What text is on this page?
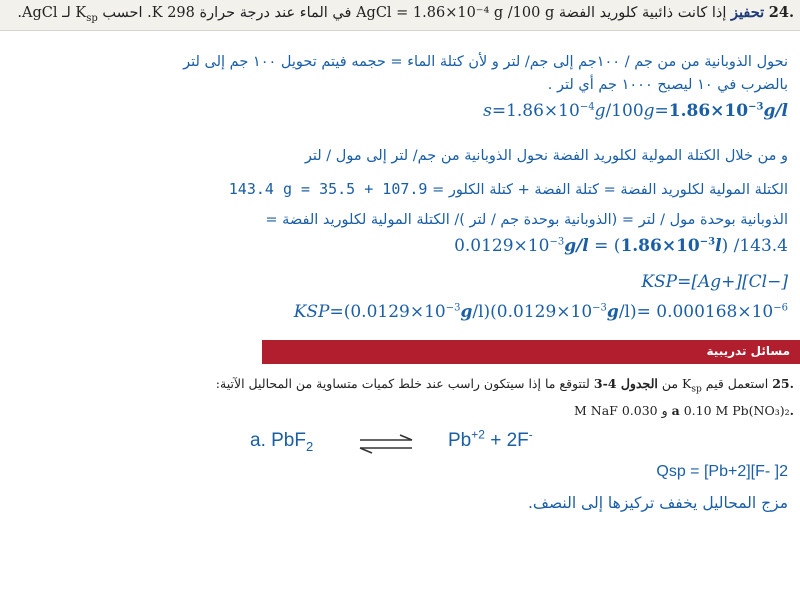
.24 تحفيز إذا كانت ذائبية كلوريد الفضة AgCl = 1.86×10⁻⁴ g /100 g في الماء عند درجة حرارة 298 K. احسب $K_{sp}$ لـ AgCl.
نحول الذوبانية من من جم / ١٠٠جم إلى جم/ لتر و لأن كتلة الماء = حجمه فيتم تحويل ١٠٠ جم إلى لتر
بالضرب في ١٠ ليصبح ١٠٠٠ جم أي لتر .
$s=1.86\times 10^{-4}g/100g=1.86\times 10^{-3}g/l$
و من خلال الكتلة المولية لكلوريد الفضة نحول الذوبانية من جم/ لتر إلى مول / لتر
الكتلة المولية لكلوريد الفضة = كتلة الفضة + كتلة الكلور = 143.4 g = 35.5 + 107.9
الذوبانية بوحدة مول / لتر = (الذوبانية بوحدة جم / لتر )/ الكتلة المولية لكلوريد الفضة =
$0.0129\times 10^{-3}g/l = (1.86\times 10^{-3}l)$ /143.4
KSP=[Ag+][Cl−]
$KSP=(0.0129\times 10^{-3}g/l)(0.0129\times 10^{-3}g/l)= 0.000168\times 10^{-6}$
مسائل تدريبية
.25 استعمل قيم $K_{sp}$ من الجدول 4-3 لتتوقع ما إذا سيتكون راسب عند خلط كميات متساوية من المحاليل الآتية:
.a 0.10 M Pb(NO₃)₂ و 0.030 M NaF
a. PbF$_2$	$Pb^{+2} + 2F^-$
Qsp = [Pb+2][F- ]2
مزج المحاليل يخفف تركيزها إلى النصف.
